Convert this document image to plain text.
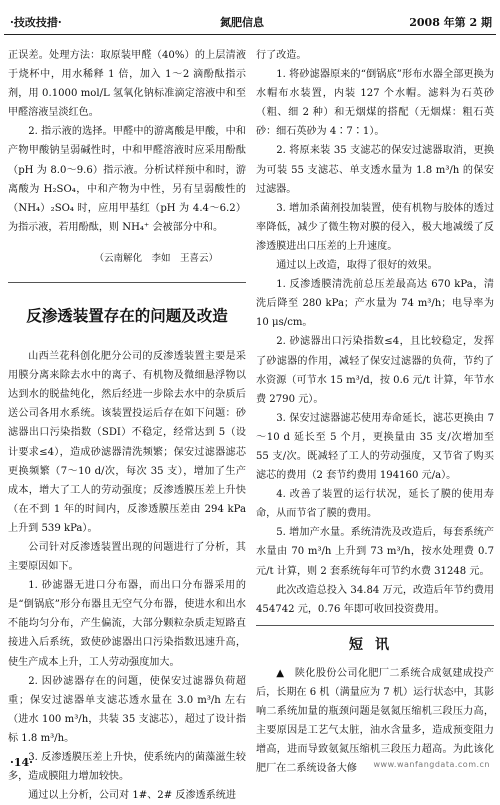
·技改技措·	氮肥信息	2008 年第 2 期

正误差。处理方法：取原装甲醛（40%）的上层清液于烧杯中，用水稀释 1 倍，加入 1～2 滴酚酞指示剂，用 0.1000 mol/L 氢氧化钠标准滴定溶液中和至甲醛溶液呈淡红色。

2. 指示液的选择。甲醛中的游离酸是甲酸，中和产物甲酸钠呈弱碱性时，中和甲醛溶液时应采用酚酞（pH 为 8.0～9.6）指示液。分析试样预中和时，游离酸为 H₂SO₄，中和产物为中性，另有呈弱酸性的（NH₄）₂SO₄ 时，应用甲基红（pH 为 4.4～6.2）为指示液，若用酚酞，则 NH₄⁺ 会被部分中和。

（云南解化　李如　王喜云）

反渗透装置存在的问题及改造

山西兰花科创化肥分公司的反渗透装置主要是采用膜分离来除去水中的离子、有机物及微细悬浮物以达到水的脱盐纯化，然后经进一步除去水中的杂质后送公司各用水系统。该装置投运后存在如下问题：砂滤器出口污染指数（SDI）不稳定，经常达到 5（设计要求≤4），造成砂滤器清洗频繁；保安过滤器滤芯更换频繁（7～10 d/次，每次 35 支），增加了生产成本，增大了工人的劳动强度；反渗透膜压差上升快（在不到 1 年的时间内，反渗透膜压差由 294 kPa 上升到 539 kPa）。

公司针对反渗透装置出现的问题进行了分析，其主要原因如下。

1. 砂滤器无进口分布器，而出口分布器采用的是“倒锅底”形分布器且无空气分布器，使进水和出水不能均匀分布，产生偏流，大部分颗粒杂质走短路直接进入后系统，致使砂滤器出口污染指数迅速升高，使生产成本上升，工人劳动强度加大。

2. 因砂滤器存在的问题，使保安过滤器负荷超重；保安过滤器单支滤芯透水量在 3.0 m³/h 左右（进水 100 m³/h，共装 35 支滤芯），超过了设计指标 1.8 m³/h。

3. 反渗透膜压差上升快，使系统内的菌藻滋生较多，造成膜阻力增加较快。

通过以上分析，公司对 1#、2# 反渗透系统进

行了改造。

1. 将砂滤器原来的“倒锅底”形布水器全部更换为水帽布水装置，内装 127 个水帽。滤料为石英砂（粗、细 2 种）和无烟煤的搭配（无烟煤：粗石英砂：细石英砂为 4∶7∶1）。

2. 将原来装 35 支滤芯的保安过滤器取消，更换为可装 55 支滤芯、单支透水量为 1.8 m³/h 的保安过滤器。

3. 增加杀菌剂投加装置，使有机物与胶体的透过率降低，减少了微生物对膜的侵入，极大地减缓了反渗透膜进出口压差的上升速度。

通过以上改造，取得了很好的效果。

1. 反渗透膜清洗前总压差最高达 670 kPa，清洗后降至 280 kPa；产水量为 74 m³/h；电导率为 10 μs/cm。

2. 砂滤器出口污染指数≤4，且比较稳定，发挥了砂滤器的作用，减轻了保安过滤器的负荷，节约了水资源（可节水 15 m³/d，按 0.6 元/t 计算，年节水费 2790 元）。

3. 保安过滤器滤芯使用寿命延长，滤芯更换由 7～10 d 延长至 5 个月，更换量由 35 支/次增加至 55 支/次。既减轻了工人的劳动强度，又节省了购买滤芯的费用（2 套节约费用 194160 元/a）。

4. 改善了装置的运行状况，延长了膜的使用寿命，从而节省了膜的费用。

5. 增加产水量。系统清洗及改造后，每套系统产水量由 70 m³/h 上升到 73 m³/h，按水处理费 0.7 元/t 计算，则 2 套系统每年可节约水费 31248 元。

此次改造总投入 34.84 万元，改造后年节约费用 454742 元，0.76 年即可收回投资费用。

短讯

▲　陕化股份公司化肥厂二系统合成氨建成投产后，长期在 6 机（满量应为 7 机）运行状态中，其影响二系统加量的瓶颈问题是氨氮压缩机三段压力高，主要原因是工艺气太脏，油水含量多，造成预变阻力增高，进而导致氨氮压缩机三段压力超高。为此该化肥厂在二系统设备大修

·14·	www.wanfangdata.com.cn
